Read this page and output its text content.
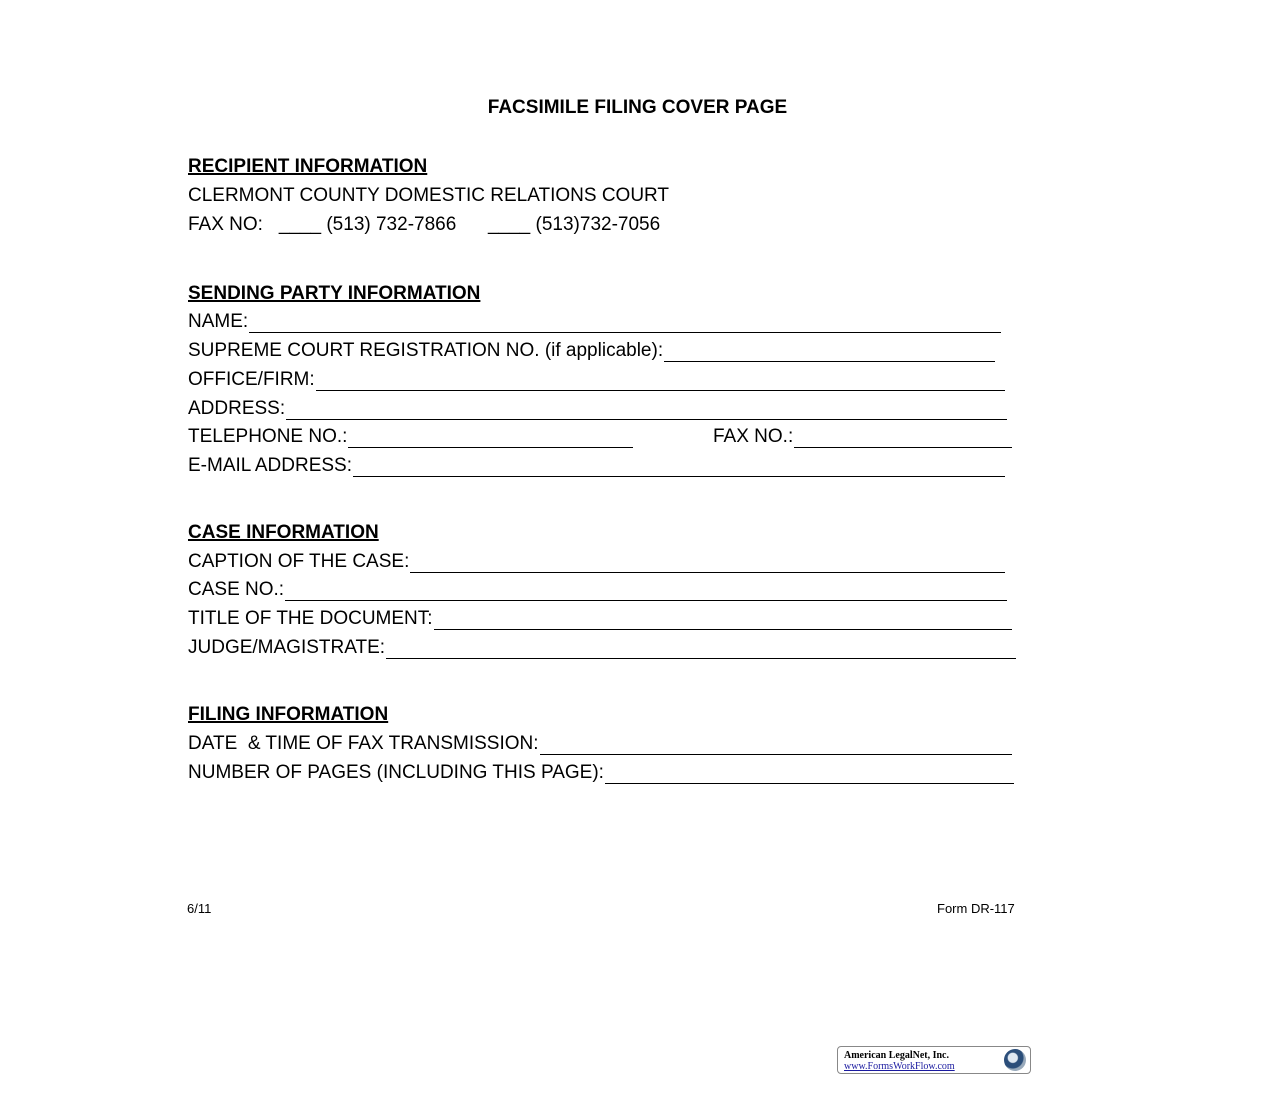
FACSIMILE FILING COVER PAGE
RECIPIENT INFORMATION
CLERMONT COUNTY DOMESTIC RELATIONS COURT
FAX NO: ____ (513) 732-7866 ____ (513)732-7056
SENDING PARTY INFORMATION
NAME:
SUPREME COURT REGISTRATION NO. (if applicable):
OFFICE/FIRM:
ADDRESS:
TELEPHONE NO.:	FAX NO.:
E-MAIL ADDRESS:
CASE INFORMATION
CAPTION OF THE CASE:
CASE NO.:
TITLE OF THE DOCUMENT:
JUDGE/MAGISTRATE:
FILING INFORMATION
DATE  & TIME OF FAX TRANSMISSION:
NUMBER OF PAGES (INCLUDING THIS PAGE):
6/11	Form DR-117
American LegalNet, Inc.
www.FormsWorkFlow.com
